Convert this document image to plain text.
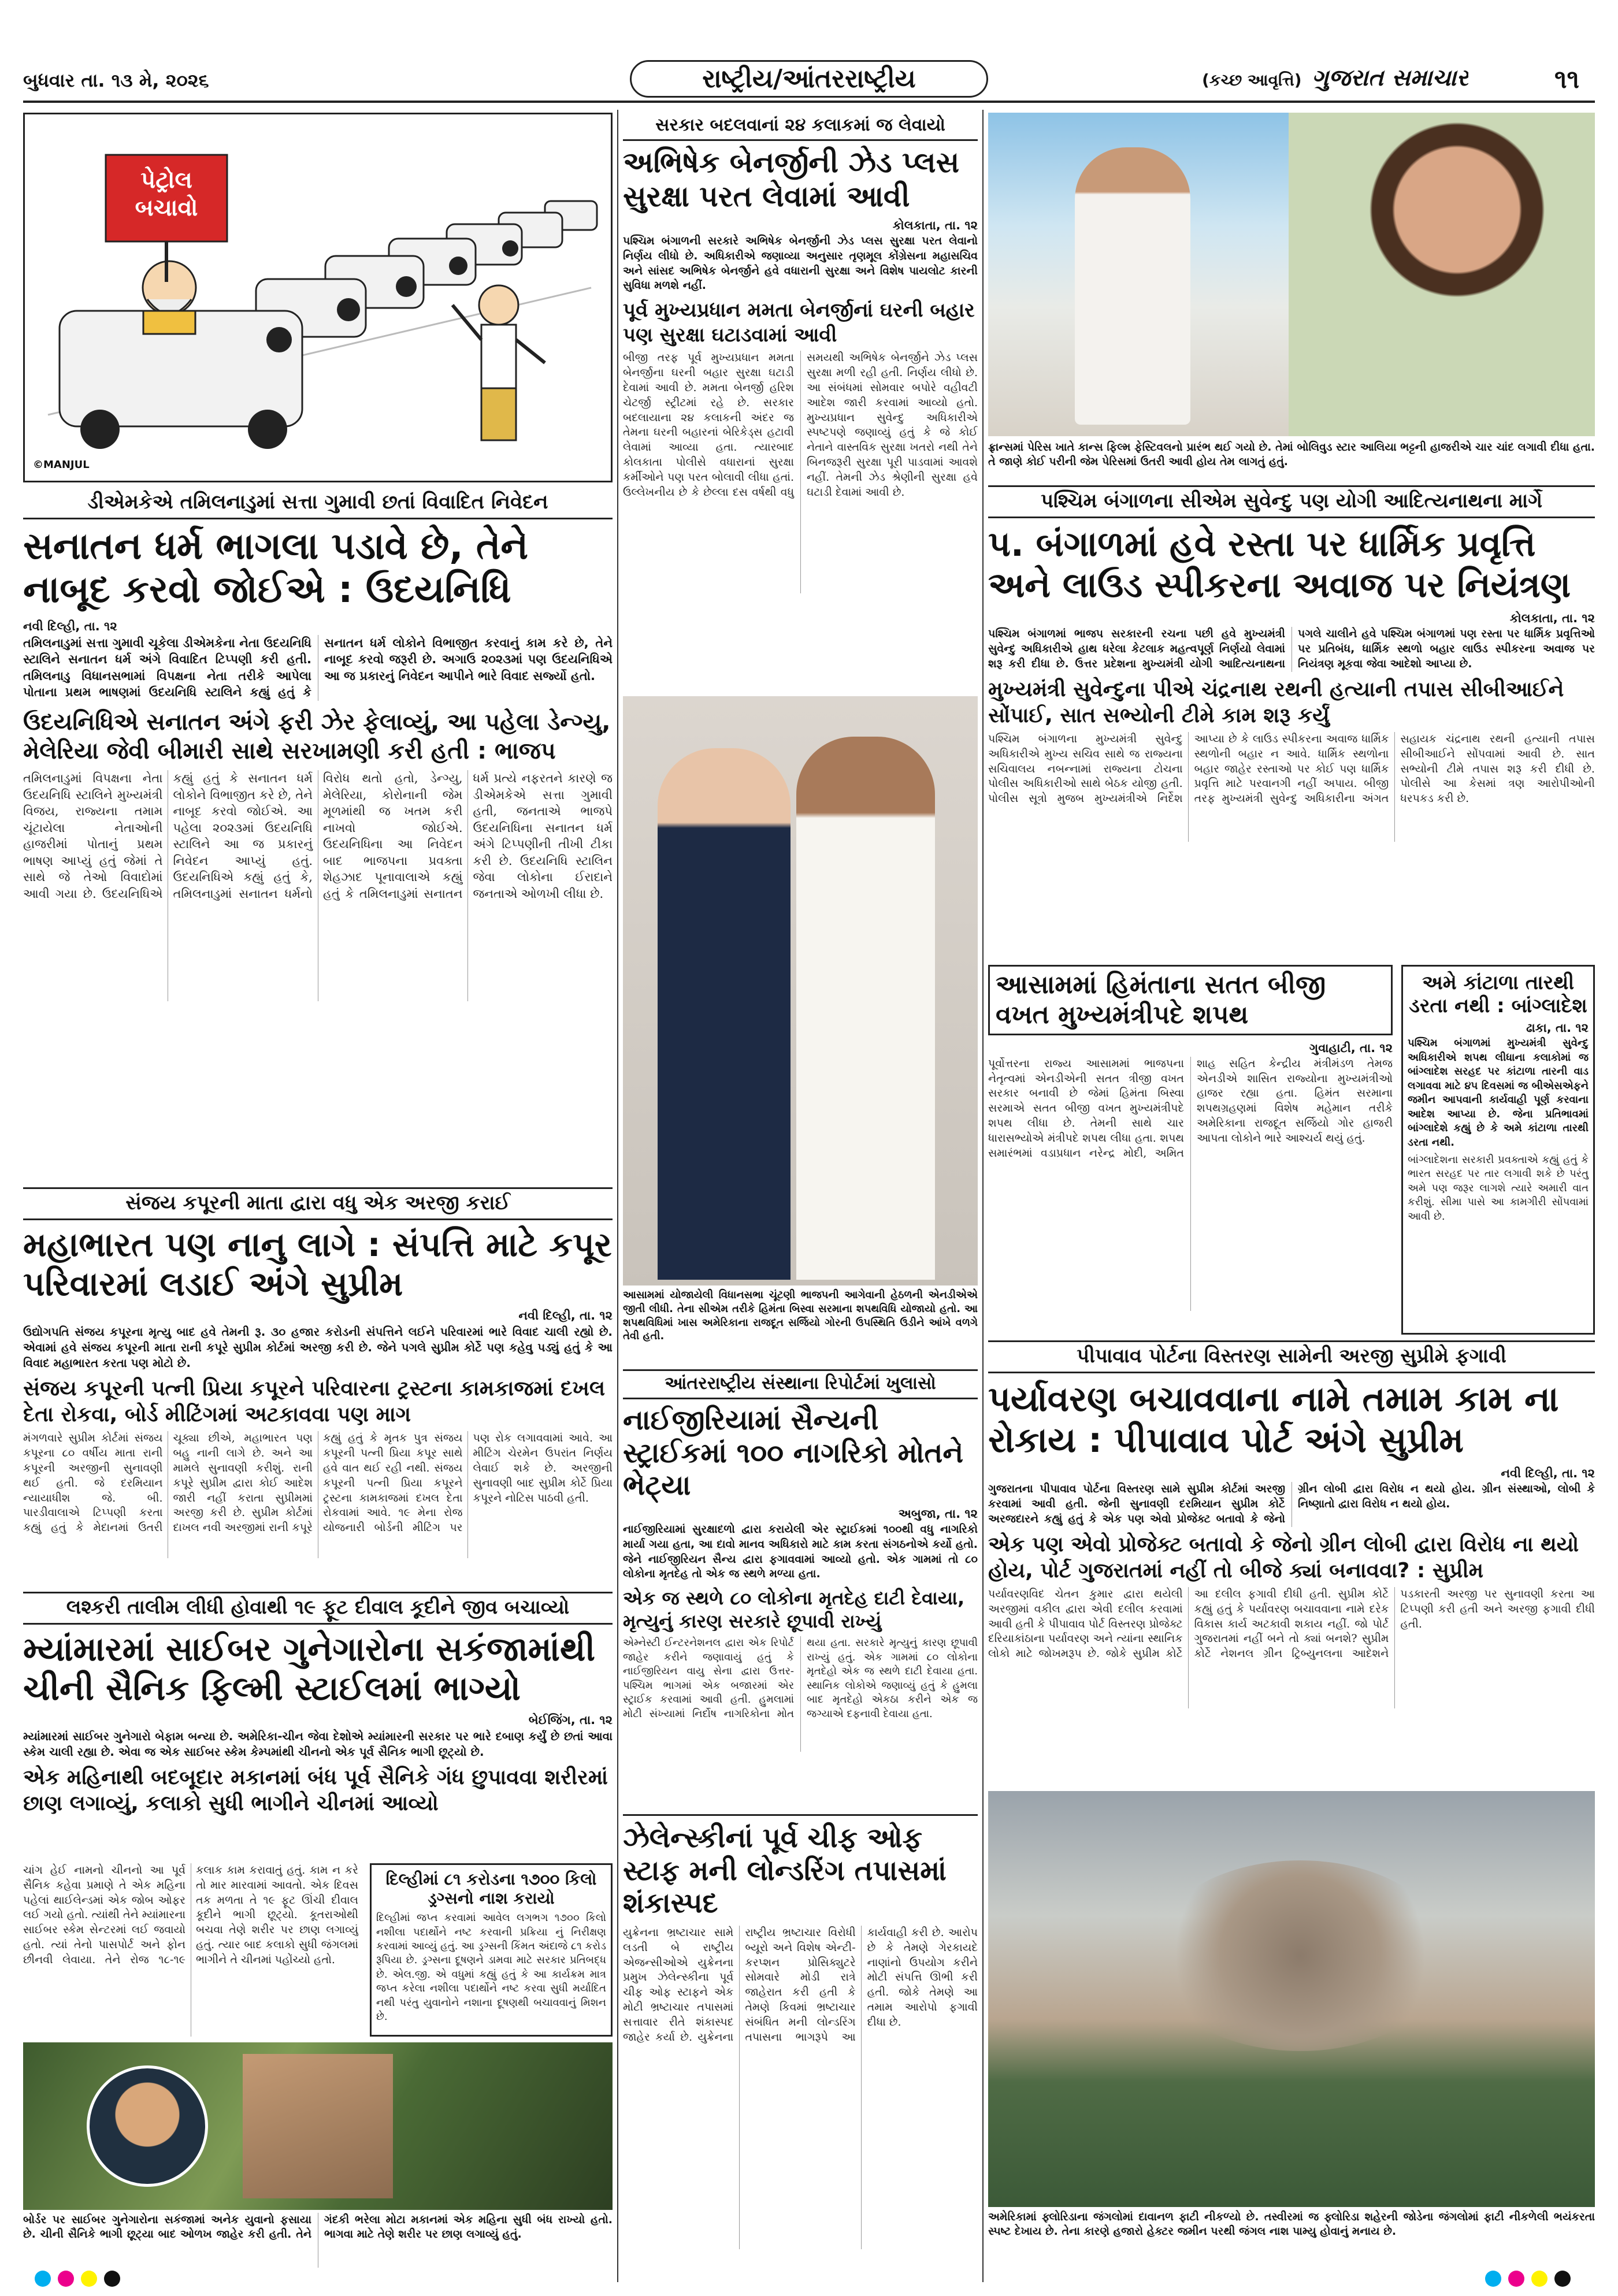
બુધવાર તા. ૧૩ મે, ૨૦૨૬	રાષ્ટ્રીય/આંતરરાષ્ટ્રીય	(કચ્છ આવૃત્તિ) ગુજરાત સમાચાર	૧૧
પેટ્રોલ બચાવો
©MANJUL
ડીએમકેએ તમિલનાડુમાં સત્તા ગુમાવી છતાં વિવાદિત નિવેદન
સનાતન ધર્મ ભાગલા પડાવે છે, તેને નાબૂદ કરવો જોઈએ : ઉદયનિધિ
નવી દિલ્હી, તા. ૧૨
તમિલનાડુમાં સત્તા ગુમાવી ચૂકેલા ડીએમકેના નેતા ઉદયનિધિ સ્ટાલિને સનાતન ધર્મ અંગે વિવાદિત ટિપ્પણી કરી હતી. તમિલનાડુ વિધાનસભામાં વિપક્ષના નેતા તરીકે આપેલા પોતાના પ્રથમ ભાષણમાં ઉદયનિધિ સ્ટાલિને કહ્યું હતું કે સનાતન ધર્મ લોકોને વિભાજીત કરવાનું કામ કરે છે, તેને નાબૂદ કરવો જરૂરી છે. અગાઉ ૨૦૨૩માં પણ ઉદયનિધિએ આ જ પ્રકારનું નિવેદન આપીને ભારે વિવાદ સર્જ્યો હતો.
ઉદયનિધિએ સનાતન અંગે ફરી ઝેર ફેલાવ્યું, આ પહેલા ડેન્ગ્યુ, મેલેરિયા જેવી બીમારી સાથે સરખામણી કરી હતી : ભાજપ
તમિલનાડુમાં વિપક્ષના નેતા ઉદયનિધિ સ્ટાલિને મુખ્યમંત્રી વિજય, રાજ્યના તમામ ચૂંટાયેલા નેતાઓની હાજરીમાં પોતાનું પ્રથમ ભાષણ આપ્યું હતું જેમાં તે સાથે જે તેઓ વિવાદોમાં આવી ગયા છે. ઉદયનિધિએ કહ્યું હતું કે સનાતન ધર્મ લોકોને વિભાજીત કરે છે, તેને નાબૂદ કરવો જોઈએ. આ પહેલા ૨૦૨૩માં ઉદયનિધિ સ્ટાલિને આ જ પ્રકારનું નિવેદન આપ્યું હતું. ઉદયનિધિએ કહ્યું હતું કે, તમિલનાડુમાં સનાતન ધર્મનો વિરોધ થતો હતો, ડેન્ગ્યુ, મેલેરિયા, કોરોનાની જેમ મૂળમાંથી જ ખતમ કરી નાખવો જોઈએ. ઉદયનિધિના આ નિવેદન બાદ ભાજપના પ્રવક્તા શેહઝાદ પૂનાવાલાએ કહ્યું હતું કે તમિલનાડુમાં સનાતન ધર્મ પ્રત્યે નફરતને કારણે જ ડીએમકેએ સત્તા ગુમાવી હતી, જનતાએ ભાજપે ઉદયનિધિના સનાતન ધર્મ અંગે ટિપ્પણીની તીખી ટીકા કરી છે. ઉદયનિધિ સ્ટાલિન જેવા લોકોના ઈરાદાને જનતાએ ઓળખી લીધા છે.
સંજય કપૂરની માતા દ્વારા વધુ એક અરજી કરાઈ
મહાભારત પણ નાનુ લાગે : સંપત્તિ માટે કપૂર પરિવારમાં લડાઈ અંગે સુપ્રીમ
નવી દિલ્હી, તા. ૧૨
ઉદ્યોગપતિ સંજય કપૂરના મૃત્યુ બાદ હવે તેમની રૂ. ૩૦ હજાર કરોડની સંપત્તિને લઈને પરિવારમાં ભારે વિવાદ ચાલી રહ્યો છે. એવામાં હવે સંજય કપૂરની માતા રાની કપૂરે સુપ્રીમ કોર્ટમાં અરજી કરી છે. જેને પગલે સુપ્રીમ કોર્ટે પણ કહેવુ પડ્યું હતું કે આ વિવાદ મહાભારત કરતા પણ મોટો છે.
સંજય કપૂરની પત્ની પ્રિયા કપૂરને પરિવારના ટ્રસ્ટના કામકાજમાં દખલ દેતા રોકવા, બોર્ડ મીટિંગમાં અટકાવવા પણ માગ
મંગળવારે સુપ્રીમ કોર્ટમાં સંજય કપૂરના ૮૦ વર્ષીય માતા રાની કપૂરની અરજીની સુનાવણી થઈ હતી. જે દરમિયાન ન્યાયાધીશ જે. બી. પારડીવાલાએ ટિપ્પણી કરતા કહ્યું હતું કે મેદાનમાં ઉતરી ચૂક્યા છીએ, મહાભારત પણ બહુ નાની લાગે છે. અને આ મામલે સુનાવણી કરીશું. રાની કપૂરે સુપ્રીમ દ્વારા કોઈ આદેશ જારી નહીં કરાતા સુપ્રીમમાં અરજી કરી છે. સુપ્રીમ કોર્ટમાં દાખલ નવી અરજીમાં રાની કપૂરે કહ્યું હતું કે મૃતક પુત્ર સંજય કપૂરની પત્ની પ્રિયા કપૂર સાથે હવે વાત થઈ રહી નથી. સંજય કપૂરની પત્ની પ્રિયા કપૂરને ટ્રસ્ટના કામકાજમાં દખલ દેતા રોકવામાં આવે. ૧૯ મેના રોજ યોજનારી બોર્ડની મીટિંગ પર પણ રોક લગાવવામાં આવે. આ મીટિંગ ચેરમેન ઉપરાંત નિર્ણય લેવાઈ શકે છે. અરજીની સુનાવણી બાદ સુપ્રીમ કોર્ટે પ્રિયા કપૂરને નોટિસ પાઠવી હતી.
લશ્કરી તાલીમ લીધી હોવાથી ૧૯ ફૂટ દીવાલ કૂદીને જીવ બચાવ્યો
મ્યાંમારમાં સાઈબર ગુનેગારોના સકંજામાંથી ચીની સૈનિક ફિલ્મી સ્ટાઈલમાં ભાગ્યો
બેઈજિંગ, તા. ૧૨
મ્યાંમારમાં સાઈબર ગુનેગારો બેફામ બન્યા છે. અમેરિકા-ચીન જેવા દેશોએ મ્યાંમારની સરકાર પર ભારે દબાણ કર્યું છે છતાં આવા સ્કેમ ચાલી રહ્યા છે. એવા જ એક સાઈબર સ્કેમ કેમ્પમાંથી ચીનનો એક પૂર્વ સૈનિક ભાગી છૂટ્યો છે.
એક મહિનાથી બદબૂદાર મકાનમાં બંધ પૂર્વ સૈનિકે ગંધ છુપાવવા શરીરમાં છાણ લગાવ્યું, કલાકો સુધી ભાગીને ચીનમાં આવ્યો
ચાંગ હેઈ નામનો ચીનનો આ પૂર્વ સૈનિક કહેવા પ્રમાણે તે એક મહિના પહેલાં થાઈલેન્ડમાં એક જોબ ઓફર લઈ ગયો હતો. ત્યાંથી તેને મ્યાંમારના સાઈબર સ્કેમ સેન્ટરમાં લઈ જવાયો હતો. ત્યાં તેનો પાસપોર્ટ અને ફોન છીનવી લેવાયા. તેને રોજ ૧૮-૧૯ કલાક કામ કરાવાતું હતું. કામ ન કરે તો માર મારવામાં આવતો. એક દિવસ તક મળતા તે ૧૯ ફૂટ ઊંચી દીવાલ કૂદીને ભાગી છૂટ્યો. કૂતરાઓથી બચવા તેણે શરીર પર છાણ લગાવ્યું હતું. ત્યાર બાદ કલાકો સુધી જંગલમાં ભાગીને તે ચીનમાં પહોંચ્યો હતો.
દિલ્હીમાં ૮૧ કરોડના ૧૭૦૦ કિલો ડ્રગ્સનો નાશ કરાયો
દિલ્હીમાં જપ્ત કરવામાં આવેલ લગભગ ૧૭૦૦ કિલો નશીલા પદાર્થોને નષ્ટ કરવાની પ્રક્રિયા નું નિરીક્ષણ કરવામાં આવ્યું હતું. આ ડ્રગ્સની કિંમત અંદાજે ૮૧ કરોડ રૂપિયા છે. ડ્રગ્સના દૂષણને ડામવા માટે સરકાર પ્રતિબદ્ધ છે. એલ.જી. એ વધુમાં કહ્યું હતું કે આ કાર્યક્રમ માત્ર જપ્ત કરેલા નશીલા પદાર્થોને નષ્ટ કરવા સુધી મર્યાદિત નથી પરંતુ યુવાનોને નશાના દૂષણથી બચાવવાનું મિશન છે.
બોર્ડર પર સાઈબર ગુનેગારોના સકંજામાં અનેક યુવાનો ફસાયા છે. ચીની સૈનિકે ભાગી છૂટ્યા બાદ ઓળખ જાહેર કરી હતી. તેને ગંદકી ભરેલા મોટા મકાનમાં એક મહિના સુધી બંધ રાખ્યો હતો. ભાગવા માટે તેણે શરીર પર છાણ લગાવ્યું હતું.
સરકાર બદલવાનાં ૨૪ કલાકમાં જ લેવાયો
અભિષેક બેનર્જીની ઝેડ પ્લસ સુરક્ષા પરત લેવામાં આવી
કોલકાતા, તા. ૧૨
પશ્ચિમ બંગાળની સરકારે અભિષેક બેનર્જીની ઝેડ પ્લસ સુરક્ષા પરત લેવાનો નિર્ણય લીધો છે. અધિકારીએ જણાવ્યા અનુસાર તૃણમૂલ કોંગ્રેસના મહાસચિવ અને સાંસદ અભિષેક બેનર્જીને હવે વધારાની સુરક્ષા અને વિશેષ પાયલોટ કારની સુવિધા મળશે નહીં.
પૂર્વ મુખ્યપ્રધાન મમતા બેનર્જીનાં ઘરની બહાર પણ સુરક્ષા ઘટાડવામાં આવી
બીજી તરફ પૂર્વ મુખ્યપ્રધાન મમતા બેનર્જીના ઘરની બહાર સુરક્ષા ઘટાડી દેવામાં આવી છે. મમતા બેનર્જી હરિશ ચેટર્જી સ્ટ્રીટમાં રહે છે. સરકાર બદલાયાના ૨૪ કલાકની અંદર જ તેમના ઘરની બહારનાં બેરિકેડ્સ હટાવી લેવામાં આવ્યા હતા. ત્યારબાદ કોલકાતા પોલીસે વધારાનાં સુરક્ષા કર્મીઓને પણ પરત બોલાવી લીધા હતાં. ઉલ્લેખનીય છે કે છેલ્લા દસ વર્ષથી વધુ સમયથી અભિષેક બેનર્જીને ઝેડ પ્લસ સુરક્ષા મળી રહી હતી. નિર્ણય લીધો છે. આ સંબંધમાં સોમવાર બપોરે વહીવટી આદેશ જારી કરવામાં આવ્યો હતો. મુખ્યપ્રધાન સુવેન્દુ અધિકારીએ સ્પષ્ટપણે જણાવ્યું હતું કે જે કોઈ નેતાને વાસ્તવિક સુરક્ષા ખતરો નથી તેને બિનજરૂરી સુરક્ષા પૂરી પાડવામાં આવશે નહીં. તેમની ઝેડ શ્રેણીની સુરક્ષા હવે ઘટાડી દેવામાં આવી છે.
આસામમાં યોજાયેલી વિધાનસભા ચૂંટણી ભાજપની આગેવાની હેઠળની એનડીએએ જીતી લીધી. તેના સીએમ તરીકે હિમંતા બિસ્વા સરમાના શપથવિધિ યોજાયો હતો. આ શપથવિધિમાં ખાસ અમેરિકાના રાજદૂત સર્જિયો ગોરની ઉપસ્થિતિ ઉડીને આંખે વળગે તેવી હતી.
આંતરરાષ્ટ્રીય સંસ્થાના રિપોર્ટમાં ખુલાસો
નાઈજીરિયામાં સૈન્યની સ્ટ્રાઈકમાં ૧૦૦ નાગરિકો મોતને ભેટ્યા
અબુજા, તા. ૧૨
નાઈજીરિયામાં સુરક્ષાદળો દ્વારા કરાયેલી એર સ્ટ્રાઈકમાં ૧૦૦થી વધુ નાગરિકો માર્યા ગયા હતા, આ દાવો માનવ અધિકારો માટે કામ કરતા સંગઠનોએ કર્યો હતો. જેને નાઈજીરિયન સૈન્ય દ્વારા ફગાવવામાં આવ્યો હતો. એક ગામમાં તો ૮૦ લોકોના મૃતદેહ તો એક જ સ્થળે મળ્યા હતા.
એક જ સ્થળે ૮૦ લોકોના મૃતદેહ દાટી દેવાયા, મૃત્યુનું કારણ સરકારે છૂપાવી રાખ્યું
એમ્નેસ્ટી ઈન્ટરનેશનલ દ્વારા એક રિપોર્ટ જાહેર કરીને જણાવાયું હતું કે નાઈજીરિયન વાયુ સેના દ્વારા ઉત્તર-પશ્ચિમ ભાગમાં એક બજારમાં એર સ્ટ્રાઈક કરવામાં આવી હતી. હુમલામાં મોટી સંખ્યામાં નિર્દોષ નાગરિકોના મોત થયા હતા. સરકારે મૃત્યુનું કારણ છૂપાવી રાખ્યું હતું. એક ગામમાં ૮૦ લોકોના મૃતદેહો એક જ સ્થળે દાટી દેવાયા હતા. સ્થાનિક લોકોએ જણાવ્યું હતું કે હુમલા બાદ મૃતદેહો એકઠા કરીને એક જ જગ્યાએ દફનાવી દેવાયા હતા.
ઝેલેન્સ્કીનાં પૂર્વ ચીફ ઓફ સ્ટાફ મની લોન્ડરિંગ તપાસમાં શંકાસ્પદ
યુક્રેનના ભ્રષ્ટાચાર સામે લડતી બે રાષ્ટ્રીય એજન્સીઓએ યુક્રેનના પ્રમુખ ઝેલેન્સ્કીના પૂર્વ ચીફ ઓફ સ્ટાફને એક મોટી ભ્રષ્ટાચાર તપાસમાં સત્તાવાર રીતે શંકાસ્પદ જાહેર કર્યા છે. યુક્રેનના રાષ્ટ્રીય ભ્રષ્ટાચાર વિરોધી બ્યૂરો અને વિશેષ એન્ટી-કરપ્શન પ્રોસિક્યુટરે સોમવારે મોડી રાત્રે જાહેરાત કરી હતી કે તેમણે કિવમાં ભ્રષ્ટાચાર સંબંધિત મની લોન્ડરિંગ તપાસના ભાગરૂપે આ કાર્યવાહી કરી છે. આરોપ છે કે તેમણે ગેરકાયદે નાણાંનો ઉપયોગ કરીને મોટી સંપત્તિ ઊભી કરી હતી. જોકે તેમણે આ તમામ આરોપો ફગાવી દીધા છે.
ફ્રાન્સમાં પેરિસ ખાતે કાન્સ ફિલ્મ ફેસ્ટિવલનો પ્રારંભ થઈ ગયો છે. તેમાં બોલિવુડ સ્ટાર આલિયા ભટ્ટની હાજરીએ ચાર ચાંદ લગાવી દીધા હતા. તે જાણે કોઈ પરીની જેમ પેરિસમાં ઉતરી આવી હોય તેમ લાગતું હતું.
પશ્ચિમ બંગાળના સીએમ સુવેન્દુ પણ યોગી આદિત્યનાથના માર્ગે
પ. બંગાળમાં હવે રસ્તા પર ધાર્મિક પ્રવૃત્તિ અને લાઉડ સ્પીકરના અવાજ પર નિયંત્રણ
કોલકાતા, તા. ૧૨
પશ્ચિમ બંગાળમાં ભાજપ સરકારની રચના પછી હવે મુખ્યમંત્રી સુવેન્દુ અધિકારીએ હાથ ધરેલા કેટલાક મહત્વપૂર્ણ નિર્ણયો લેવામાં શરૂ કરી દીધા છે. ઉત્તર પ્રદેશના મુખ્યમંત્રી યોગી આદિત્યનાથના પગલે ચાલીને હવે પશ્ચિમ બંગાળમાં પણ રસ્તા પર ધાર્મિક પ્રવૃત્તિઓ પર પ્રતિબંધ, ધાર્મિક સ્થળો બહાર લાઉડ સ્પીકરના અવાજ પર નિયંત્રણ મૂકવા જેવા આદેશો આપ્યા છે.
મુખ્યમંત્રી સુવેન્દુના પીએ ચંદ્રનાથ રથની હત્યાની તપાસ સીબીઆઈને સોંપાઈ, સાત સભ્યોની ટીમે કામ શરૂ કર્યું
પશ્ચિમ બંગાળના મુખ્યમંત્રી સુવેન્દુ અધિકારીએ મુખ્ય સચિવ સાથે જ રાજ્યના સચિવાલય નબન્નામાં રાજ્યના ટોચના પોલીસ અધિકારીઓ સાથે બેઠક યોજી હતી. પોલીસ સૂત્રો મુજબ મુખ્યમંત્રીએ નિર્દેશ આપ્યા છે કે લાઉડ સ્પીકરના અવાજ ધાર્મિક સ્થળોની બહાર ન આવે. ધાર્મિક સ્થળોના બહાર જાહેર રસ્તાઓ પર કોઈ પણ ધાર્મિક પ્રવૃત્તિ માટે પરવાનગી નહીં અપાય. બીજી તરફ મુખ્યમંત્રી સુવેન્દુ અધિકારીના અંગત સહાયક ચંદ્રનાથ રથની હત્યાની તપાસ સીબીઆઈને સોંપવામાં આવી છે. સાત સભ્યોની ટીમે તપાસ શરૂ કરી દીધી છે. પોલીસે આ કેસમાં ત્રણ આરોપીઓની ધરપકડ કરી છે.
આસામમાં હિમંતાના સતત બીજી વખત મુખ્યમંત્રીપદે શપથ
ગુવાહાટી, તા. ૧૨
પૂર્વોત્તરના રાજ્ય આસામમાં ભાજપના નેતૃત્વમાં એનડીએની સતત ત્રીજી વખત સરકાર બનાવી છે જેમાં હિમંતા બિસ્વા સરમાએ સતત બીજી વખત મુખ્યમંત્રીપદે શપથ લીધા છે. તેમની સાથે ચાર ધારાસભ્યોએ મંત્રીપદે શપથ લીધા હતા. શપથ સમારંભમાં વડાપ્રધાન નરેન્દ્ર મોદી, અમિત શાહ સહિત કેન્દ્રીય મંત્રીમંડળ તેમજ એનડીએ શાસિત રાજ્યોના મુખ્યમંત્રીઓ હાજર રહ્યા હતા. હિમંત સરમાના શપથગ્રહણમાં વિશેષ મહેમાન તરીકે અમેરિકાના રાજદૂત સર્જિયો ગોર હાજરી આપતા લોકોને ભારે આશ્ચર્ય થયું હતું.
અમે કાંટાળા તારથી ડરતા નથી : બાંગ્લાદેશ
ઢાકા, તા. ૧૨
પશ્ચિમ બંગાળમાં મુખ્યમંત્રી સુવેન્દુ અધિકારીએ શપથ લીધાના કલાકોમાં જ બાંગ્લાદેશ સરહદ પર કાંટાળા તારની વાડ લગાવવા માટે ૪૫ દિવસમાં જ બીએસએફને જમીન આપવાની કાર્યવાહી પૂર્ણ કરવાના આદેશ આપ્યા છે. જેના પ્રતિભાવમાં બાંગ્લાદેશે કહ્યું છે કે અમે કાંટાળા તારથી ડરતા નથી.
બાંગ્લાદેશના સરકારી પ્રવક્તાએ કહ્યું હતું કે ભારત સરહદ પર તાર લગાવી શકે છે પરંતુ અમે પણ જરૂર લાગશે ત્યારે અમારી વાત કરીશું. સીમા પાસે આ કામગીરી સોંપવામાં આવી છે.
પીપાવાવ પોર્ટના વિસ્તરણ સામેની અરજી સુપ્રીમે ફગાવી
પર્યાવરણ બચાવવાના નામે તમામ કામ ના રોકાય : પીપાવાવ પોર્ટ અંગે સુપ્રીમ
નવી દિલ્હી, તા. ૧૨
ગુજરાતના પીપાવાવ પોર્ટના વિસ્તરણ સામે સુપ્રીમ કોર્ટમાં અરજી કરવામાં આવી હતી. જેની સુનાવણી દરમિયાન સુપ્રીમ કોર્ટે અરજદારને કહ્યું હતું કે એક પણ એવો પ્રોજેક્ટ બતાવો કે જેનો ગ્રીન લોબી દ્વારા વિરોધ ન થયો હોય. ગ્રીન સંસ્થાઓ, લોબી કે નિષ્ણાતો દ્વારા વિરોધ ન થયો હોય.
એક પણ એવો પ્રોજેક્ટ બતાવો કે જેનો ગ્રીન લોબી દ્વારા વિરોધ ના થયો હોય, પોર્ટ ગુજરાતમાં નહીં તો બીજે ક્યાં બનાવવા? : સુપ્રીમ
પર્યાવરણવિદ ચેતન કુમાર દ્વારા થયેલી અરજીમાં વકીલ દ્વારા એવી દલીલ કરવામાં આવી હતી કે પીપાવાવ પોર્ટ વિસ્તરણ પ્રોજેક્ટ દરિયાકાંઠાના પર્યાવરણ અને ત્યાંના સ્થાનિક લોકો માટે જોખમરૂપ છે. જોકે સુપ્રીમ કોર્ટે આ દલીલ ફગાવી દીધી હતી. સુપ્રીમ કોર્ટે કહ્યું હતું કે પર્યાવરણ બચાવવાના નામે દરેક વિકાસ કાર્ય અટકાવી શકાય નહીં. જો પોર્ટ ગુજરાતમાં નહીં બને તો ક્યાં બનશે? સુપ્રીમ કોર્ટે નેશનલ ગ્રીન ટ્રિબ્યુનલના આદેશને પડકારતી અરજી પર સુનાવણી કરતા આ ટિપ્પણી કરી હતી અને અરજી ફગાવી દીધી હતી.
અમેરિકામાં ફ્લોરિડાના જંગલોમાં દાવાનળ ફાટી નીકળ્યો છે. તસ્વીરમાં જ ફ્લોરિડા શહેરની જોડેના જંગલોમાં ફાટી નીકળેલી ભયંકરતા સ્પષ્ટ દેખાય છે. તેના કારણે હજારો હેક્ટર જમીન પરથી જંગલ નાશ પામ્યુ હોવાનું મનાય છે.
